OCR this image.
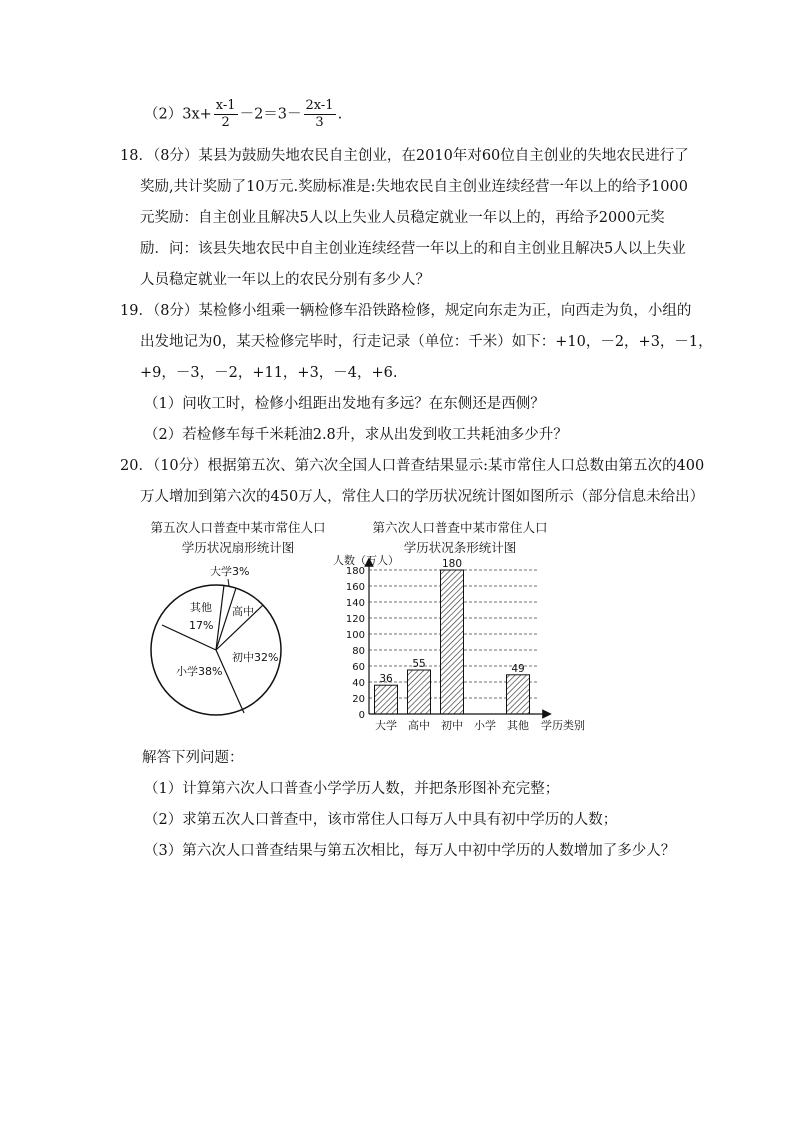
$(2)3x+ \frac{x-1}{2} -2=3- \frac{2x-1}{3}$ .
18．（8分）某县为鼓励失地农民自主创业，在2010年对60位自主创业的失地农民进行了
奖励,共计奖励了10万元.奖励标准是:失地农民自主创业连续经营一年以上的给予1000
元奖励：自主创业且解决5人以上失业人员稳定就业一年以上的，再给予2000元奖
励．问：该县失地农民中自主创业连续经营一年以上的和自主创业且解决5人以上失业
人员稳定就业一年以上的农民分别有多少人？
19．（8分）某检修小组乘一辆检修车沿铁路检修，规定向东走为正，向西走为负，小组的
出发地记为0，某天检修完毕时，行走记录（单位：千米）如下：+10，－2，+3，－1，
+9，－3，－2，+11，+3，－4，+6.
（1）问收工时，检修小组距出发地有多远？在东侧还是西侧？
（2）若检修车每千米耗油2.8升，求从出发到收工共耗油多少升？
20．（10分）根据第五次、第六次全国人口普查结果显示:某市常住人口总数由第五次的400
万人增加到第六次的450万人，常住人口的学历状况统计图如图所示（部分信息未给出）
第五次人口普查中某市常住人口
学历状况扇形统计图
第六次人口普查中某市常住人口
学历状况条形统计图
大学3%
高中
初中32%
小学38%
其他
17%
人数（万人）
学历类别
0
20
40
60
80
100
120
140
160
180
36
大学
55
高中
180
初中 小学
49
其他
解答下列问题：
（1）计算第六次人口普查小学学历人数，并把条形图补充完整；
（2）求第五次人口普查中，该市常住人口每万人中具有初中学历的人数；
（3）第六次人口普查结果与第五次相比，每万人中初中学历的人数增加了多少人？
